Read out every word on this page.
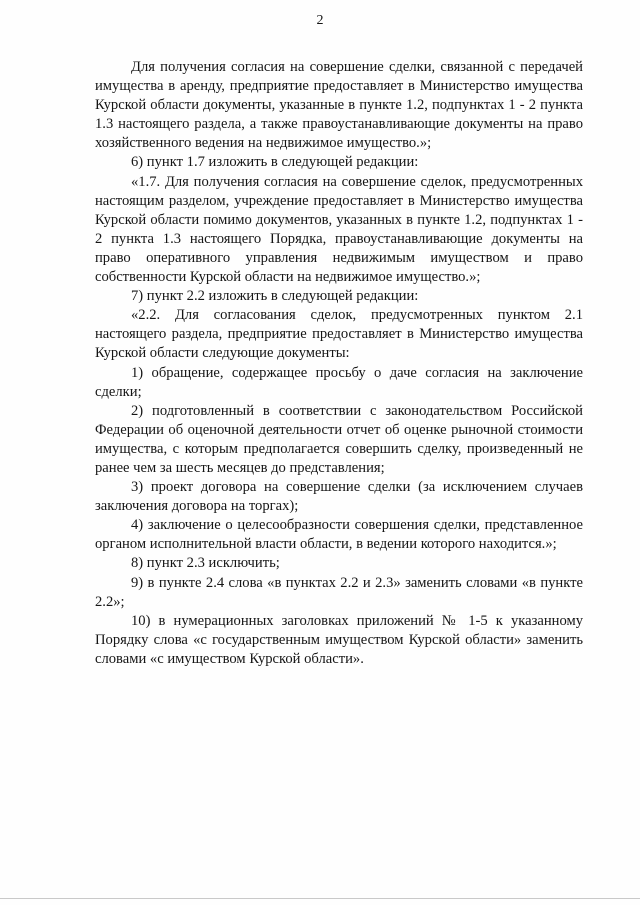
2

Для получения согласия на совершение сделки, связанной с передачей имущества в аренду, предприятие предоставляет в Министерство имущества Курской области документы, указанные в пункте 1.2, подпунктах 1 - 2 пункта 1.3 настоящего раздела, а также правоустанавливающие документы на право хозяйственного ведения на недвижимое имущество.»;

6) пункт 1.7 изложить в следующей редакции:

«1.7. Для получения согласия на совершение сделок, предусмотренных настоящим разделом, учреждение предоставляет в Министерство имущества Курской области помимо документов, указанных в пункте 1.2, подпунктах 1 - 2 пункта 1.3 настоящего Порядка, правоустанавливающие документы на право оперативного управления недвижимым имуществом и право собственности Курской области на недвижимое имущество.»;

7) пункт 2.2 изложить в следующей редакции:

«2.2. Для согласования сделок, предусмотренных пунктом 2.1 настоящего раздела, предприятие предоставляет в Министерство имущества Курской области следующие документы:

1) обращение, содержащее просьбу о даче согласия на заключение сделки;

2) подготовленный в соответствии с законодательством Российской Федерации об оценочной деятельности отчет об оценке рыночной стоимости имущества, с которым предполагается совершить сделку, произведенный не ранее чем за шесть месяцев до представления;

3) проект договора на совершение сделки (за исключением случаев заключения договора на торгах);

4) заключение о целесообразности совершения сделки, представленное органом исполнительной власти области, в ведении которого находится.»;

8) пункт 2.3 исключить;

9) в пункте 2.4 слова «в пунктах 2.2 и 2.3» заменить словами «в пункте 2.2»;

10) в нумерационных заголовках приложений № 1-5 к указанному Порядку слова «с государственным имуществом Курской области» заменить словами «с имуществом Курской области».
